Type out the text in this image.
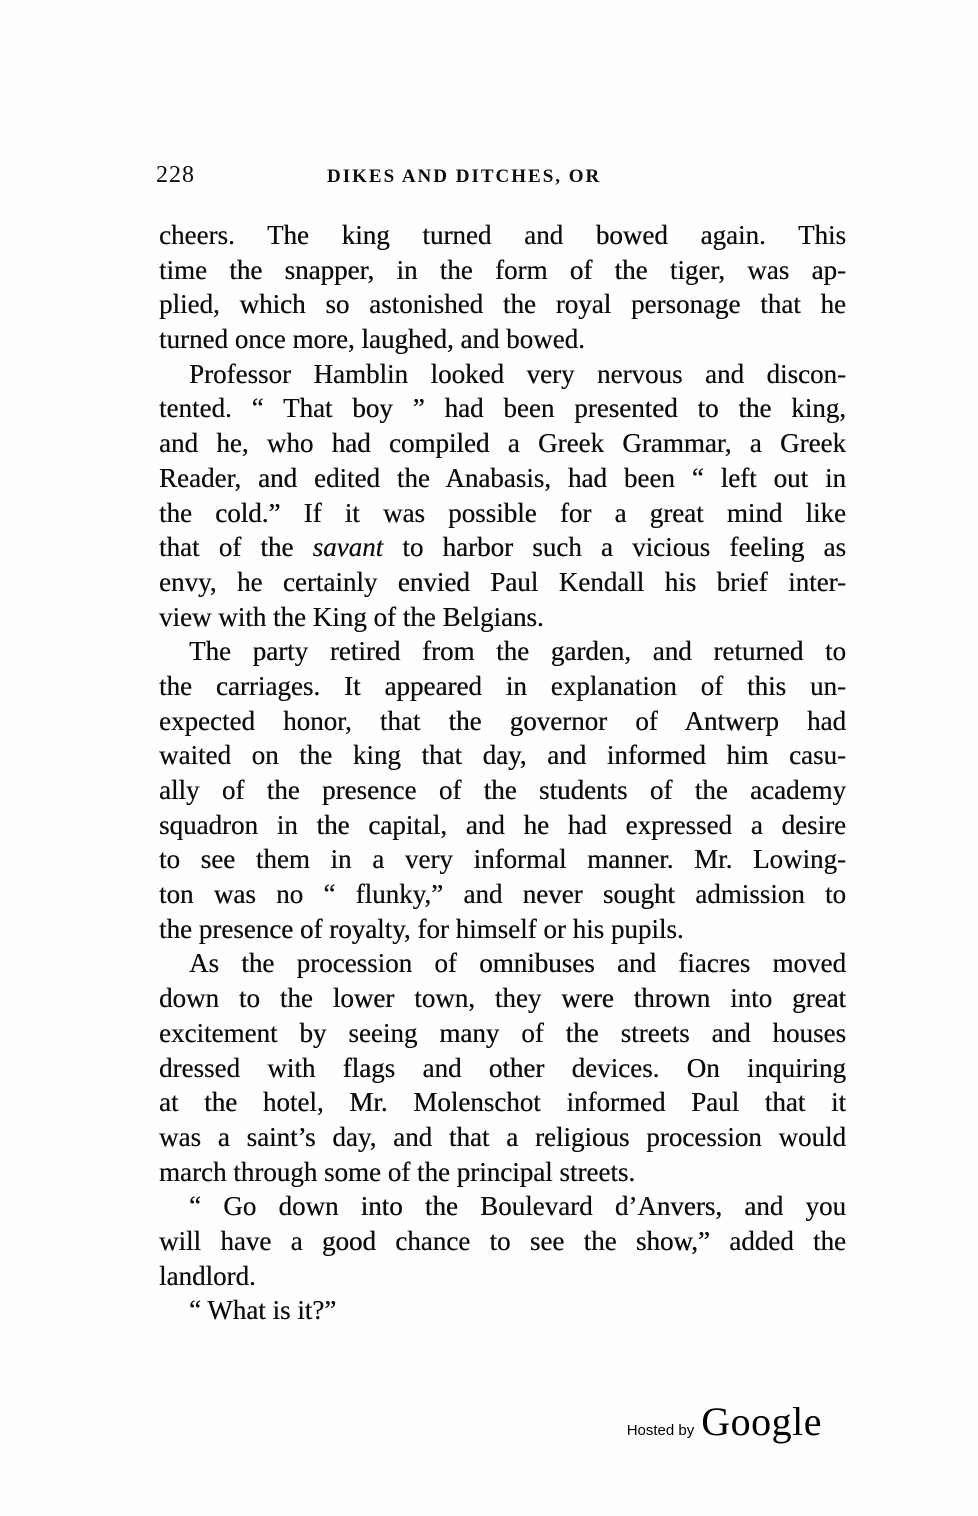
228	DIKES AND DITCHES, OR
cheers. The king turned and bowed again. This
time the snapper, in the form of the tiger, was ap-
plied, which so astonished the royal personage that he
turned once more, laughed, and bowed.
Professor Hamblin looked very nervous and discon-
tented. “ That boy ” had been presented to the king,
and he, who had compiled a Greek Grammar, a Greek
Reader, and edited the Anabasis, had been “ left out in
the cold.” If it was possible for a great mind like
that of the savant to harbor such a vicious feeling as
envy, he certainly envied Paul Kendall his brief inter-
view with the King of the Belgians.
The party retired from the garden, and returned to
the carriages. It appeared in explanation of this un-
expected honor, that the governor of Antwerp had
waited on the king that day, and informed him casu-
ally of the presence of the students of the academy
squadron in the capital, and he had expressed a desire
to see them in a very informal manner. Mr. Lowing-
ton was no “ flunky,” and never sought admission to
the presence of royalty, for himself or his pupils.
As the procession of omnibuses and fiacres moved
down to the lower town, they were thrown into great
excitement by seeing many of the streets and houses
dressed with flags and other devices. On inquiring
at the hotel, Mr. Molenschot informed Paul that it
was a saint’s day, and that a religious procession would
march through some of the principal streets.
“ Go down into the Boulevard d’Anvers, and you
will have a good chance to see the show,” added the
landlord.
“ What is it?”
Hosted by Google
